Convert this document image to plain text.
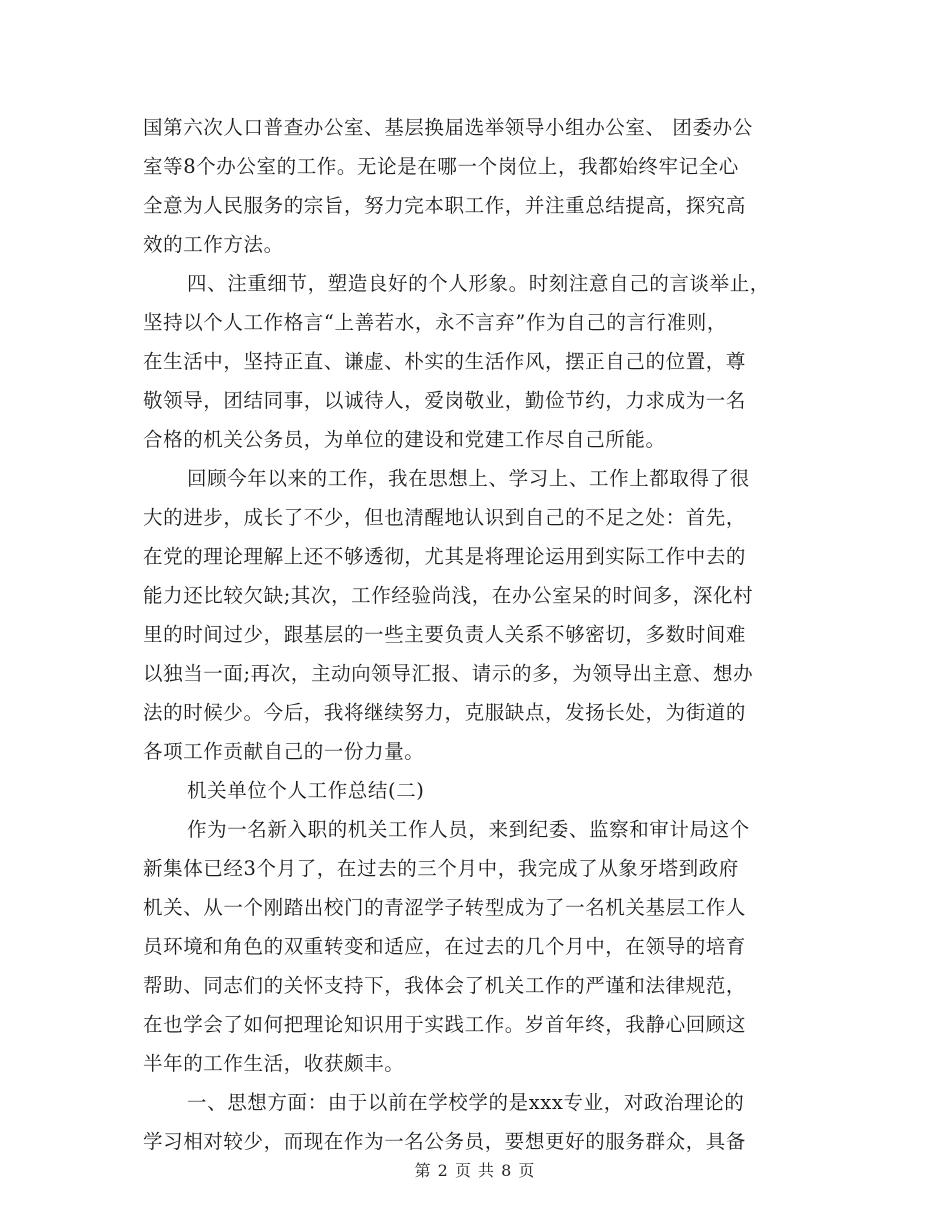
国第六次人口普查办公室、基层换届选举领导小组办公室、 团委办公
室等8个办公室的工作。无论是在哪一个岗位上，我都始终牢记全心
全意为人民服务的宗旨，努力完本职工作，并注重总结提高，探究高
效的工作方法。
四、注重细节，塑造良好的个人形象。时刻注意自己的言谈举止，
坚持以个人工作格言“上善若水，永不言弃”作为自己的言行准则，
在生活中，坚持正直、谦虚、朴实的生活作风，摆正自己的位置，尊
敬领导，团结同事，以诚待人，爱岗敬业，勤俭节约，力求成为一名
合格的机关公务员，为单位的建设和党建工作尽自己所能。
回顾今年以来的工作，我在思想上、学习上、工作上都取得了很
大的进步，成长了不少，但也清醒地认识到自己的不足之处：首先，
在党的理论理解上还不够透彻，尤其是将理论运用到实际工作中去的
能力还比较欠缺;其次，工作经验尚浅，在办公室呆的时间多，深化村
里的时间过少，跟基层的一些主要负责人关系不够密切，多数时间难
以独当一面;再次，主动向领导汇报、请示的多，为领导出主意、想办
法的时候少。今后，我将继续努力，克服缺点，发扬长处，为街道的
各项工作贡献自己的一份力量。
机关单位个人工作总结(二)
作为一名新入职的机关工作人员，来到纪委、监察和审计局这个
新集体已经3个月了，在过去的三个月中，我完成了从象牙塔到政府
机关、从一个刚踏出校门的青涩学子转型成为了一名机关基层工作人
员环境和角色的双重转变和适应，在过去的几个月中，在领导的培育
帮助、同志们的关怀支持下，我体会了机关工作的严谨和法律规范，
在也学会了如何把理论知识用于实践工作。岁首年终，我静心回顾这
半年的工作生活，收获颇丰。
一、思想方面：由于以前在学校学的是xxx专业，对政治理论的
学习相对较少，而现在作为一名公务员，要想更好的服务群众，具备
第 2 页 共 8 页
